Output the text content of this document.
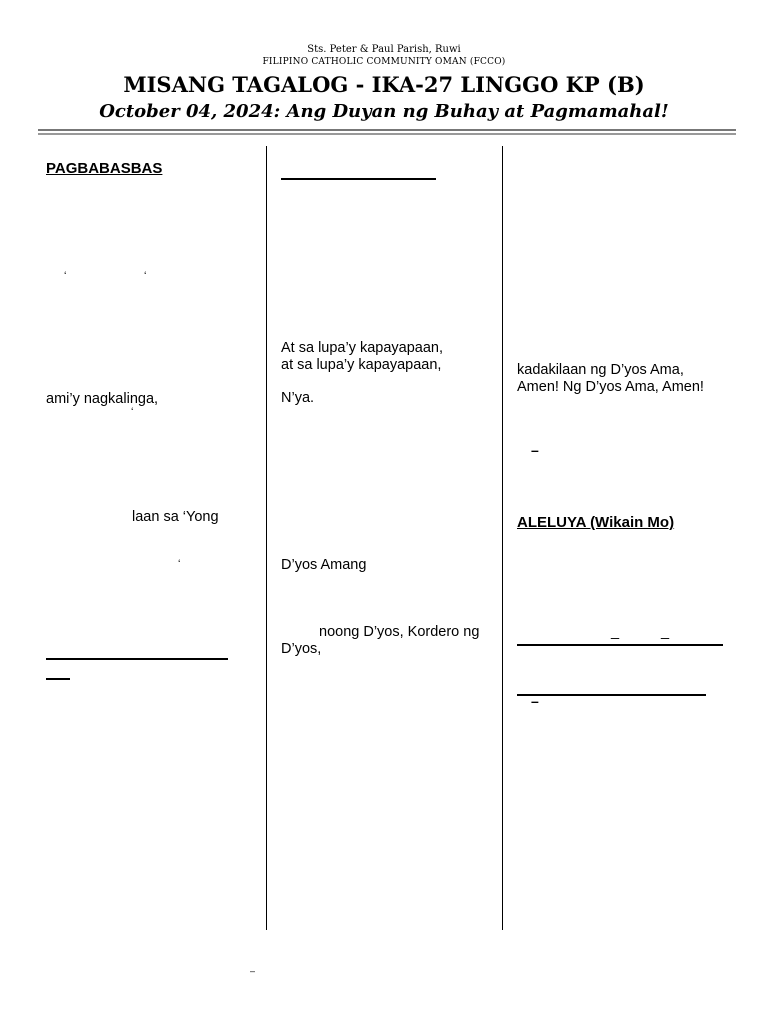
Sts. Peter & Paul Parish, Ruwi
FILIPINO CATHOLIC COMMUNITY OMAN (FCCO)
MISANG TAGALOG - IKA-27 LINGGO KP (B)
October 04, 2024: Ang Duyan ng Buhay at Pagmamahal!
PAGBABASBAS
‘	‘
ami’y nagkalinga,
‘
laan sa ‘Yong
‘
At sa lupa’y kapayapaan,
at sa lupa’y kapayapaan,
N’ya.
D’yos Amang
noong D’yos, Kordero ng D’yos,
kadakilaan ng D’yos Ama,
Amen! Ng D’yos Ama, Amen!
–
ALELUYA (Wikain Mo)
_	_
–
–
